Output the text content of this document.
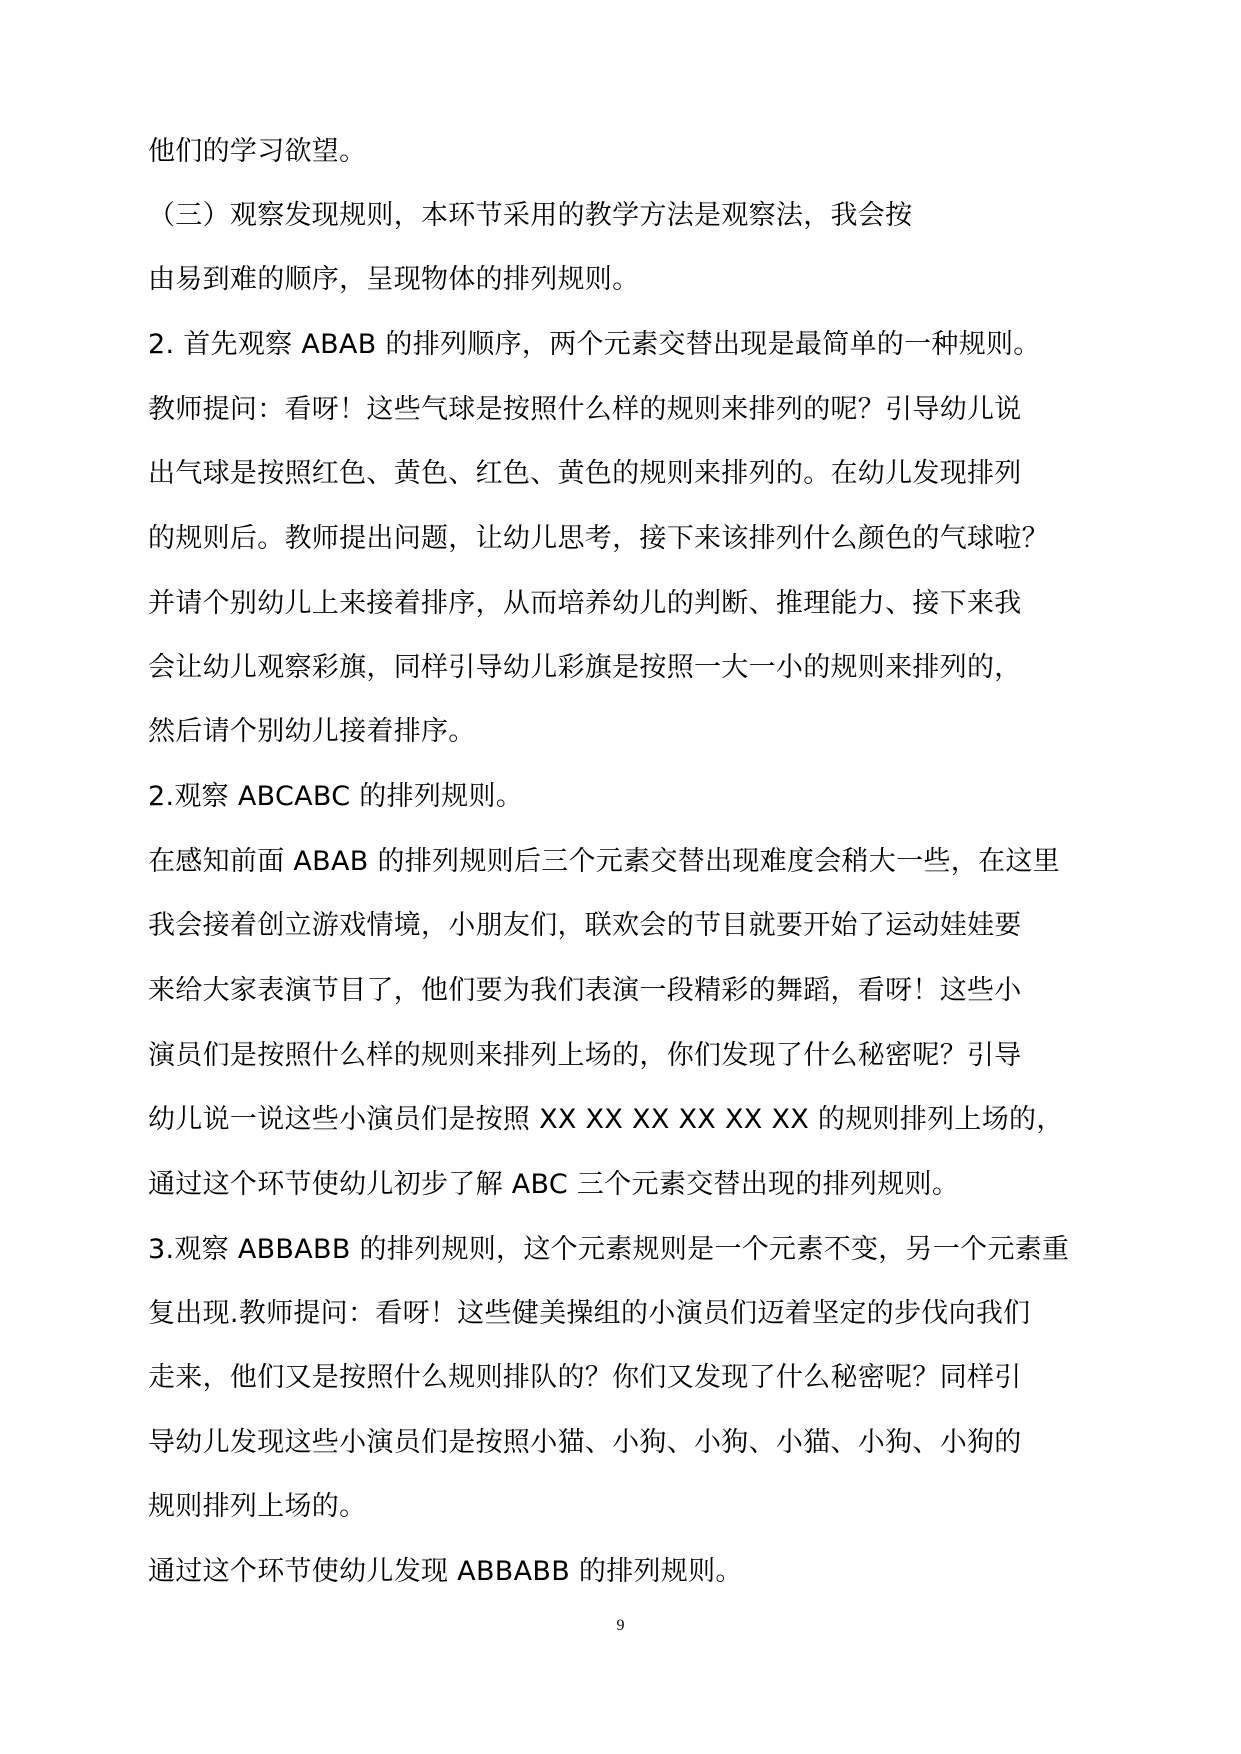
他们的学习欲望。
（三）观察发现规则，本环节采用的教学方法是观察法，我会按
由易到难的顺序，呈现物体的排列规则。
2. 首先观察 ABAB 的排列顺序，两个元素交替出现是最简单的一种规则。
教师提问：看呀！这些气球是按照什么样的规则来排列的呢？引导幼儿说
出气球是按照红色、黄色、红色、黄色的规则来排列的。在幼儿发现排列
的规则后。教师提出问题，让幼儿思考，接下来该排列什么颜色的气球啦？
并请个别幼儿上来接着排序，从而培养幼儿的判断、推理能力、接下来我
会让幼儿观察彩旗，同样引导幼儿彩旗是按照一大一小的规则来排列的，
然后请个别幼儿接着排序。
2.观察 ABCABC 的排列规则。
在感知前面 ABAB 的排列规则后三个元素交替出现难度会稍大一些，在这里
我会接着创立游戏情境，小朋友们，联欢会的节目就要开始了运动娃娃要
来给大家表演节目了，他们要为我们表演一段精彩的舞蹈，看呀！这些小
演员们是按照什么样的规则来排列上场的，你们发现了什么秘密呢？引导
幼儿说一说这些小演员们是按照 XX XX XX XX XX XX 的规则排列上场的，
通过这个环节使幼儿初步了解 ABC 三个元素交替出现的排列规则。
3.观察 ABBABB 的排列规则，这个元素规则是一个元素不变，另一个元素重
复出现.教师提问：看呀！这些健美操组的小演员们迈着坚定的步伐向我们
走来，他们又是按照什么规则排队的？你们又发现了什么秘密呢？同样引
导幼儿发现这些小演员们是按照小猫、小狗、小狗、小猫、小狗、小狗的
规则排列上场的。
通过这个环节使幼儿发现 ABBABB 的排列规则。
9
